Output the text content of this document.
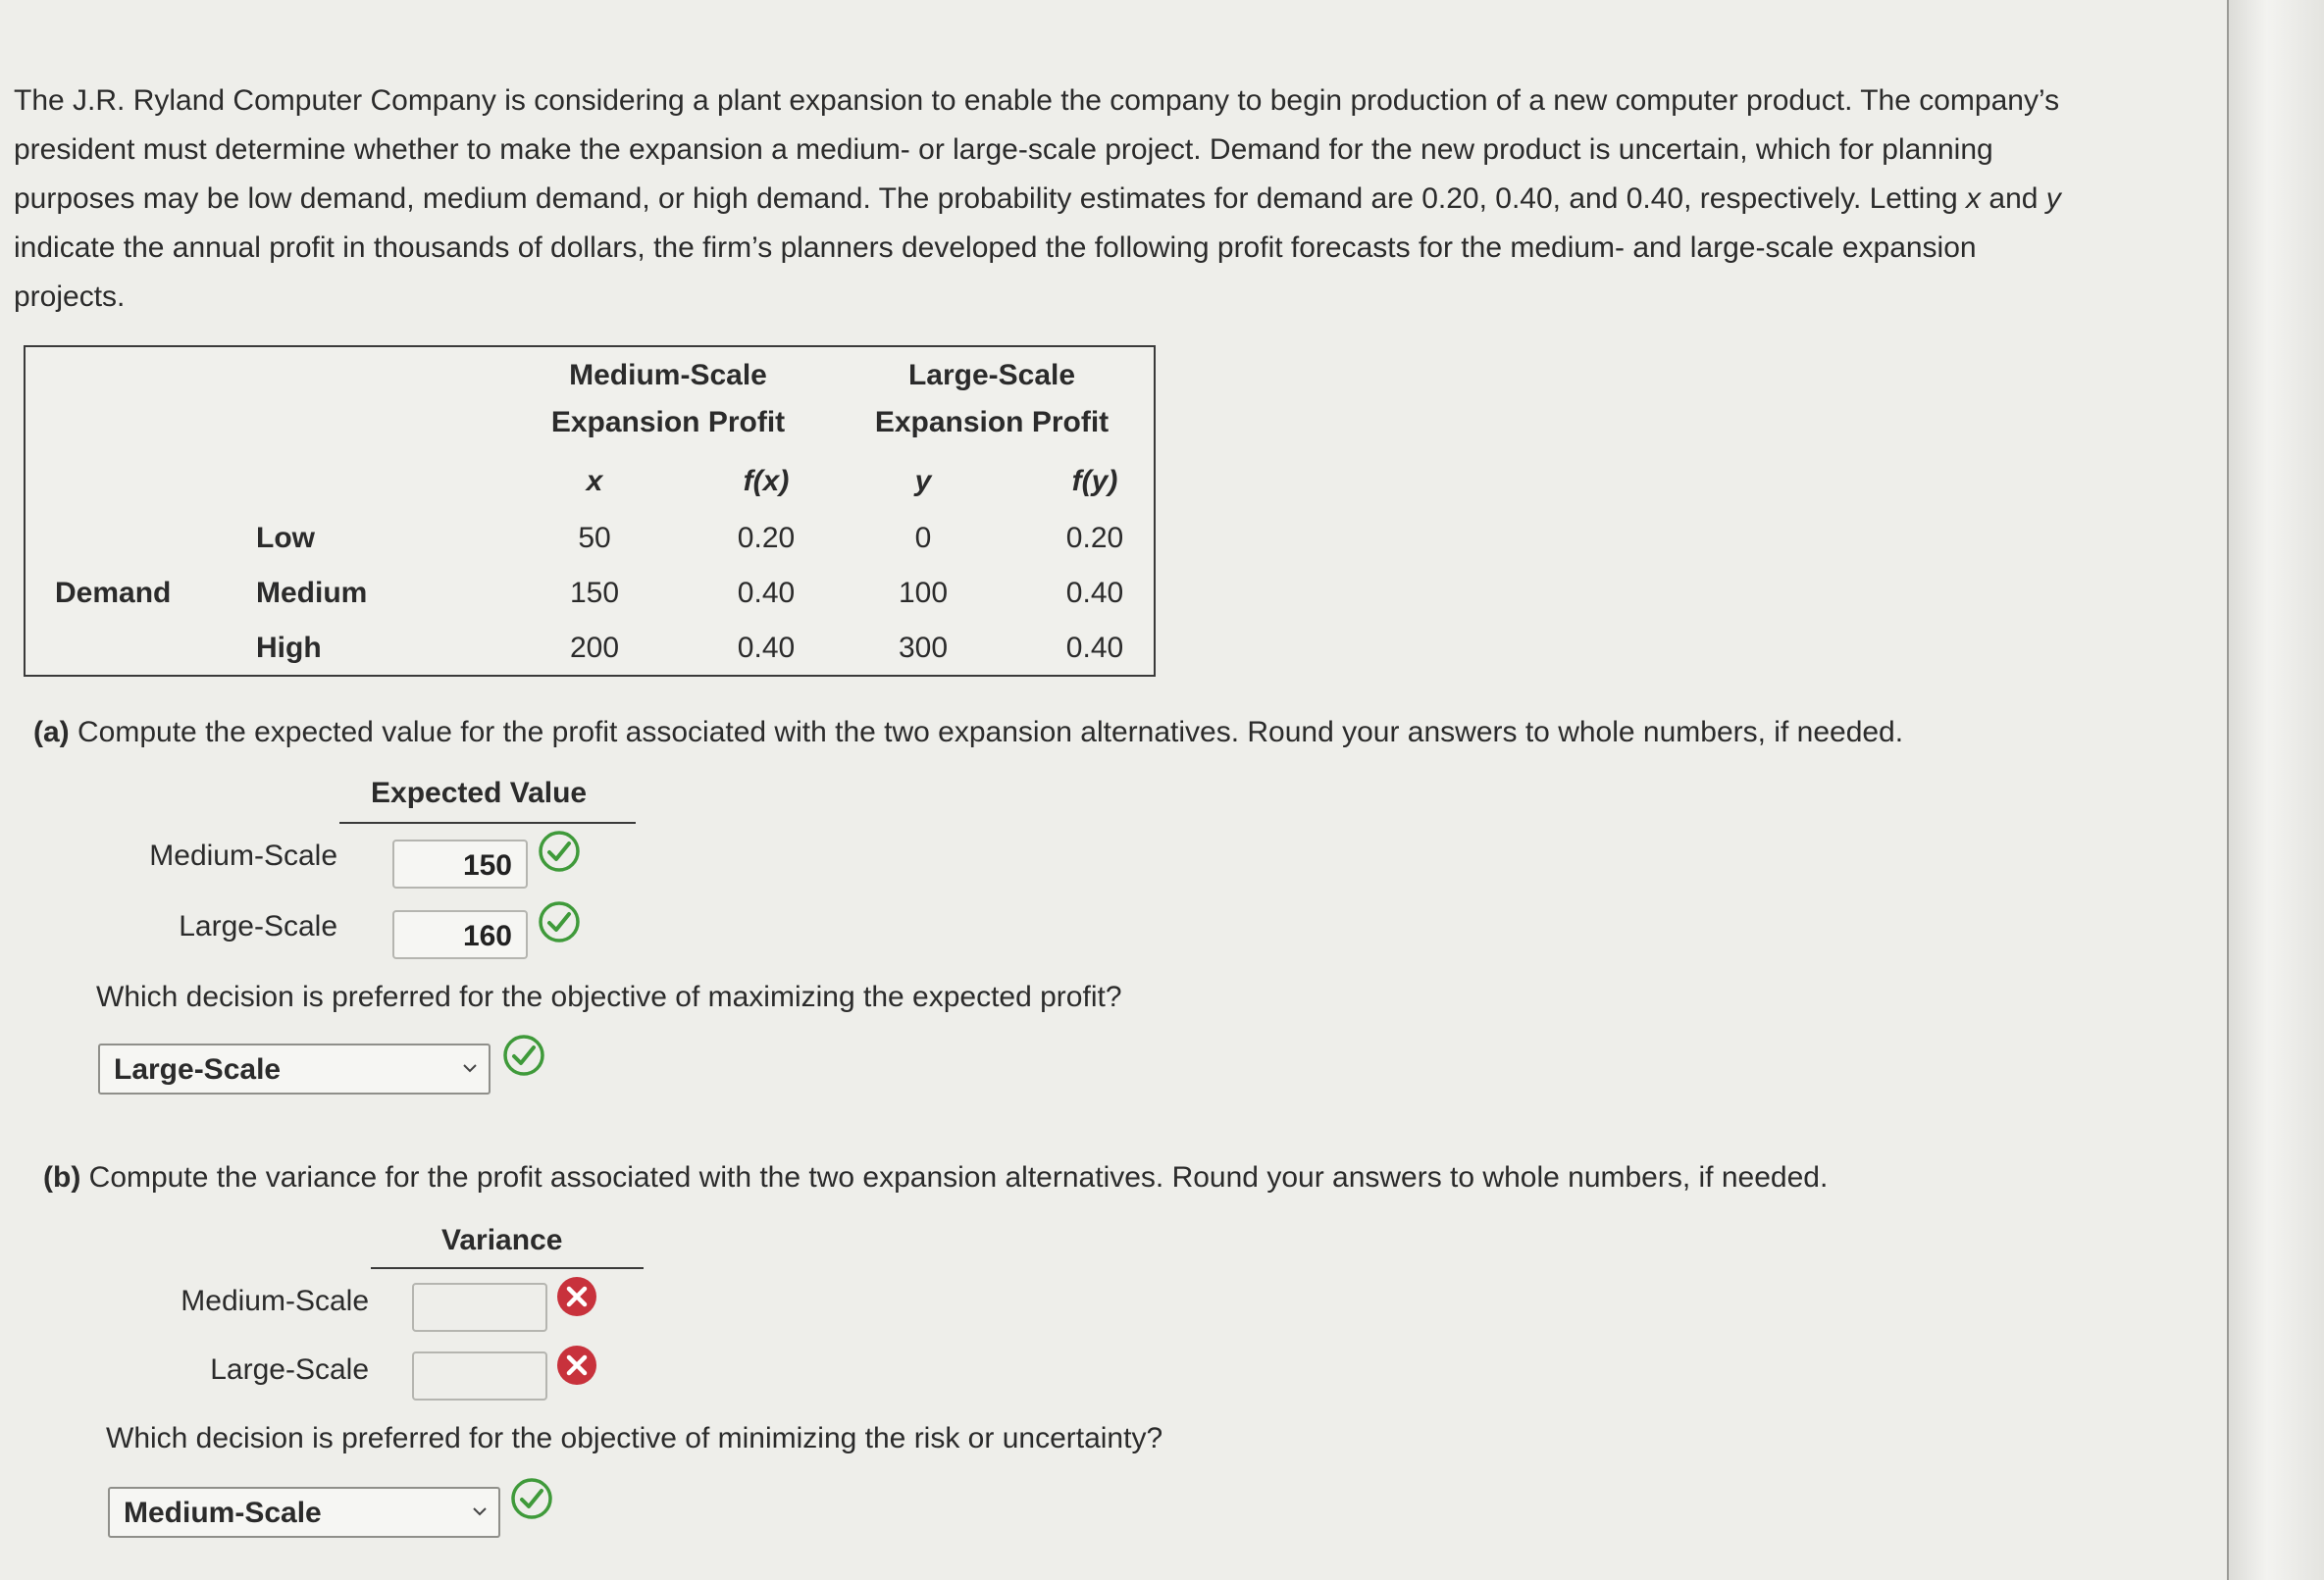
The J.R. Ryland Computer Company is considering a plant expansion to enable the company to begin production of a new computer product. The company’s

president must determine whether to make the expansion a medium- or large-scale project. Demand for the new product is uncertain, which for planning

purposes may be low demand, medium demand, or high demand. The probability estimates for demand are 0.20, 0.40, and 0.40, respectively. Letting x and y

indicate the annual profit in thousands of dollars, the firm’s planners developed the following profit forecasts for the medium- and large-scale expansion

projects.

Medium-Scale
Expansion Profit
Large-Scale
Expansion Profit
x	f(x)	y	f(y)
Demand
Low	50	0.20	0	0.20
Medium	150	0.40	100	0.40
High	200	0.40	300	0.40
(a) Compute the expected value for the profit associated with the two expansion alternatives. Round your answers to whole numbers, if needed.
Expected Value
Medium-Scale	150
Large-Scale	160
Which decision is preferred for the objective of maximizing the expected profit?
Large-Scale
(b) Compute the variance for the profit associated with the two expansion alternatives. Round your answers to whole numbers, if needed.
Variance
Medium-Scale
Large-Scale
Which decision is preferred for the objective of minimizing the risk or uncertainty?
Medium-Scale
